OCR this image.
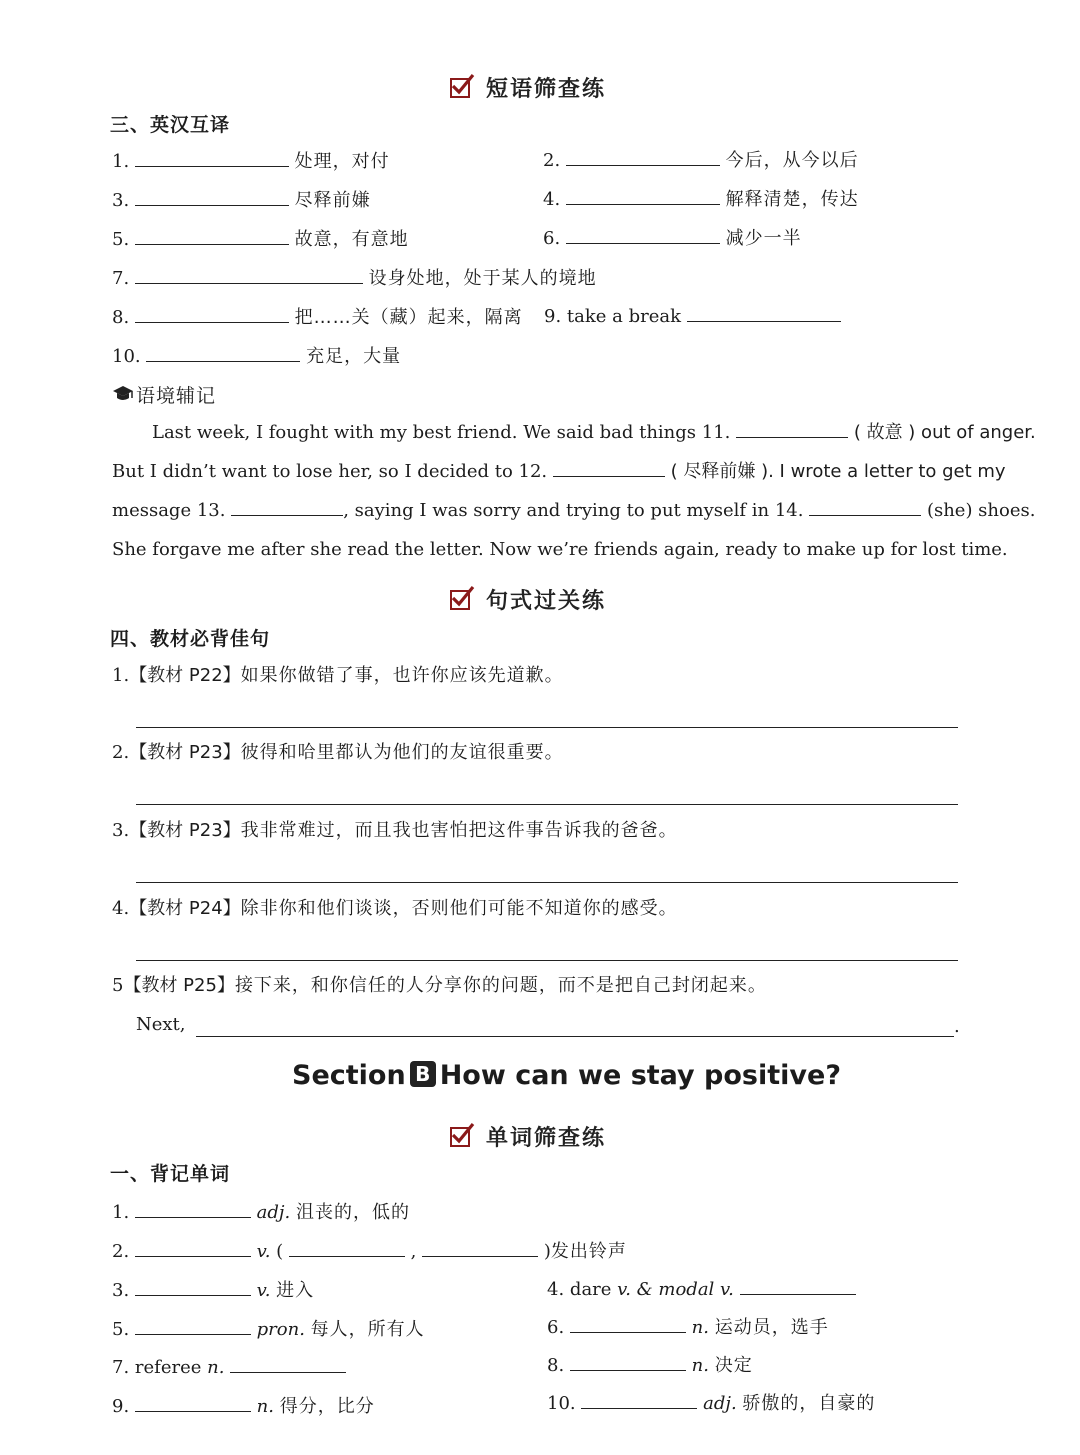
短语筛查练
三、英汉互译
1.	处理，对付	2.	今后，从今以后
3.	尽释前嫌	4.	解释清楚，传达
5.	故意，有意地	6.	减少一半
7.	设身处地，处于某人的境地
8.	把……关（藏）起来，隔离 9. take a break
10.	充足，大量
语境辅记
Last week, I fought with my best friend. We said bad things 11.	( 故意 ) out of anger.
But I didn’t want to lose her, so I decided to 12.	( 尽释前嫌 ). I wrote a letter to get my
message 13.	, saying I was sorry and trying to put myself in 14.	(she) shoes.
She forgave me after she read the letter. Now we’re friends again, ready to make up for lost time.
句式过关练
四、教材必背佳句
1.【教材 P22】如果你做错了事，也许你应该先道歉。
2.【教材 P23】彼得和哈里都认为他们的友谊很重要。
3.【教材 P23】我非常难过，而且我也害怕把这件事告诉我的爸爸。
4.【教材 P24】除非你和他们谈谈，否则他们可能不知道你的感受。
5【教材 P25】接下来，和你信任的人分享你的问题，而不是把自己封闭起来。
Next,	.
Section B How can we stay positive?
单词筛查练
一、背记单词
1.	adj. 沮丧的，低的
2.	v. (	,	)发出铃声
3.	v. 进入	4. dare v. & modal v.
5.	pron. 每人，所有人	6.	n. 运动员，选手
7. referee n.	8.	n. 决定
9.	n. 得分，比分	10.	adj. 骄傲的，自豪的
